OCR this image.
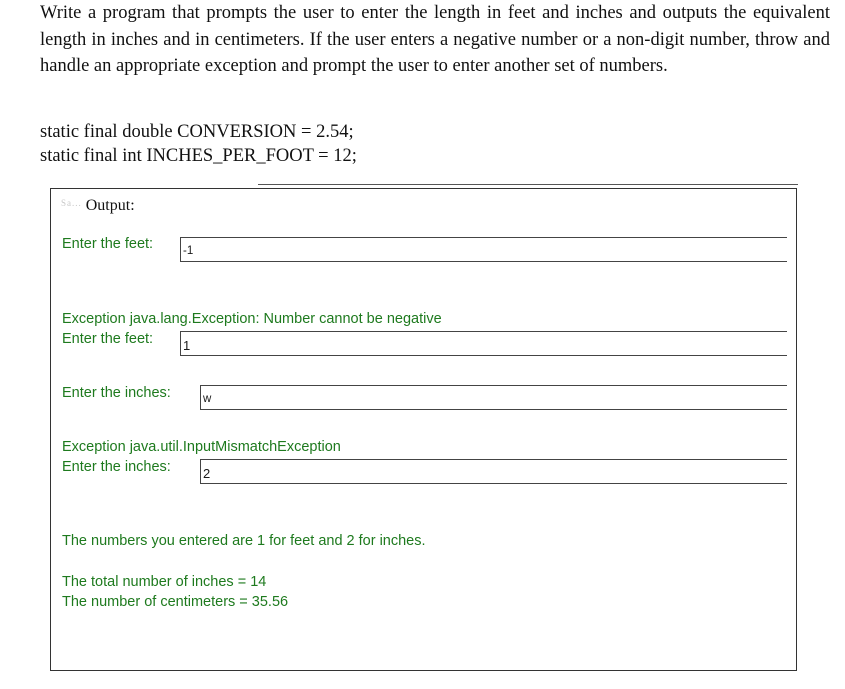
Write a program that prompts the user to enter the length in feet and inches and outputs the equivalent length in inches and in centimeters. If the user enters a negative number or a non-digit number, throw and handle an appropriate exception and prompt the user to enter another set of numbers.

static final double CONVERSION = 2.54;
static final int INCHES_PER_FOOT = 12;
$^{Sa...}$ Output:
Enter the feet:	-1
Exception java.lang.Exception: Number cannot be negative
Enter the feet: 1
Enter the inches:	w
Exception java.util.InputMismatchException
Enter the inches: 2
The numbers you entered are 1 for feet and 2 for inches.
The total number of inches = 14
The number of centimeters = 35.56
